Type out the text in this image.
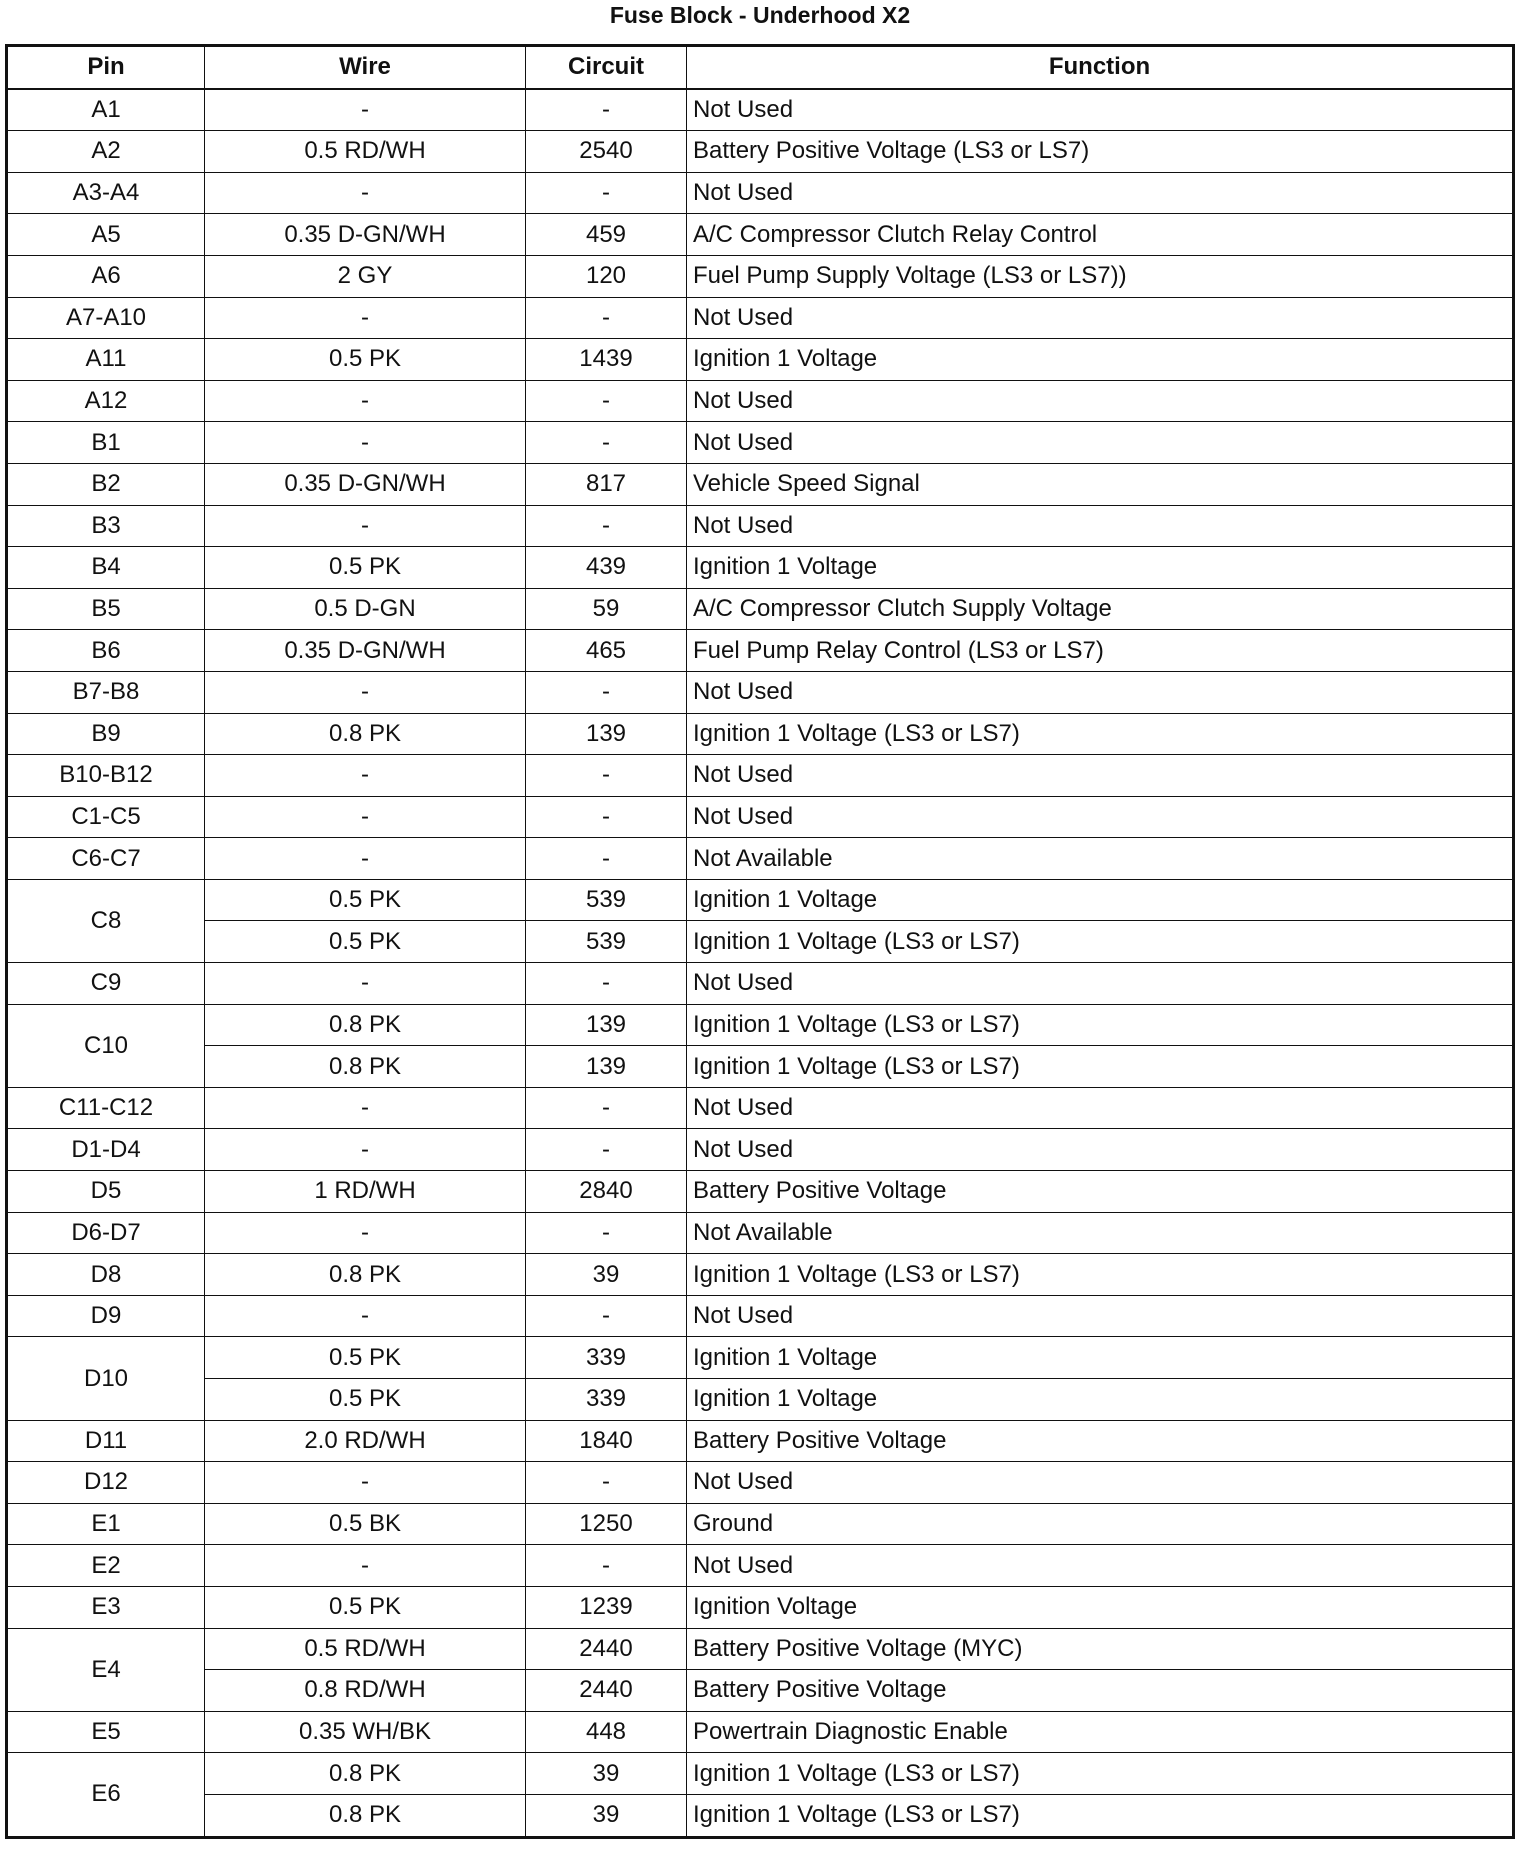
Fuse Block - Underhood X2
Pin	Wire	Circuit	Function
A1	-	-	Not Used
A2	0.5 RD/WH	2540	Battery Positive Voltage (LS3 or LS7)
A3-A4	-	-	Not Used
A5	0.35 D-GN/WH	459	A/C Compressor Clutch Relay Control
A6	2 GY	120	Fuel Pump Supply Voltage (LS3 or LS7))
A7-A10	-	-	Not Used
A11	0.5 PK	1439	Ignition 1 Voltage
A12	-	-	Not Used
B1	-	-	Not Used
B2	0.35 D-GN/WH	817	Vehicle Speed Signal
B3	-	-	Not Used
B4	0.5 PK	439	Ignition 1 Voltage
B5	0.5 D-GN	59	A/C Compressor Clutch Supply Voltage
B6	0.35 D-GN/WH	465	Fuel Pump Relay Control (LS3 or LS7)
B7-B8	-	-	Not Used
B9	0.8 PK	139	Ignition 1 Voltage (LS3 or LS7)
B10-B12	-	-	Not Used
C1-C5	-	-	Not Used
C6-C7	-	-	Not Available
C8	0.5 PK	539	Ignition 1 Voltage
	0.5 PK	539	Ignition 1 Voltage (LS3 or LS7)
C9	-	-	Not Used
C10	0.8 PK	139	Ignition 1 Voltage (LS3 or LS7)
	0.8 PK	139	Ignition 1 Voltage (LS3 or LS7)
C11-C12	-	-	Not Used
D1-D4	-	-	Not Used
D5	1 RD/WH	2840	Battery Positive Voltage
D6-D7	-	-	Not Available
D8	0.8 PK	39	Ignition 1 Voltage (LS3 or LS7)
D9	-	-	Not Used
D10	0.5 PK	339	Ignition 1 Voltage
	0.5 PK	339	Ignition 1 Voltage
D11	2.0 RD/WH	1840	Battery Positive Voltage
D12	-	-	Not Used
E1	0.5 BK	1250	Ground
E2	-	-	Not Used
E3	0.5 PK	1239	Ignition Voltage
E4	0.5 RD/WH	2440	Battery Positive Voltage (MYC)
	0.8 RD/WH	2440	Battery Positive Voltage
E5	0.35 WH/BK	448	Powertrain Diagnostic Enable
E6	0.8 PK	39	Ignition 1 Voltage (LS3 or LS7)
	0.8 PK	39	Ignition 1 Voltage (LS3 or LS7)
